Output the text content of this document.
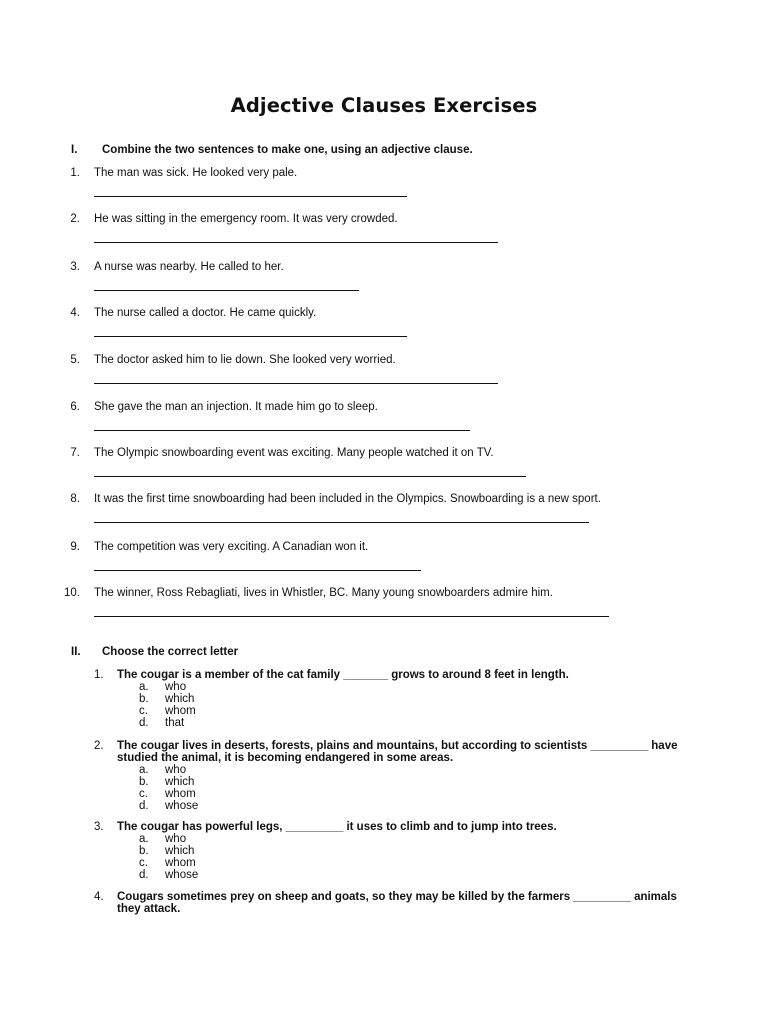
Adjective Clauses Exercises
I. Combine the two sentences to make one, using an adjective clause.
1. The man was sick. He looked very pale.
2. He was sitting in the emergency room. It was very crowded.
3. A nurse was nearby. He called to her.
4. The nurse called a doctor. He came quickly.
5. The doctor asked him to lie down. She looked very worried.
6. She gave the man an injection. It made him go to sleep.
7. The Olympic snowboarding event was exciting. Many people watched it on TV.
8. It was the first time snowboarding had been included in the Olympics. Snowboarding is a new sport.
9. The competition was very exciting. A Canadian won it.
10. The winner, Ross Rebagliati, lives in Whistler, BC. Many young snowboarders admire him.
II. Choose the correct letter
1. The cougar is a member of the cat family _______ grows to around 8 feet in length.
a.	who
b.	which
c.	whom
d.	that
2. The cougar lives in deserts, forests, plains and mountains, but according to scientists _________ have studied the animal, it is becoming endangered in some areas.
a.	who
b.	which
c.	whom
d.	whose
3. The cougar has powerful legs, _________ it uses to climb and to jump into trees.
a.	who
b.	which
c.	whom
d.	whose
4. Cougars sometimes prey on sheep and goats, so they may be killed by the farmers _________ animals they attack.
